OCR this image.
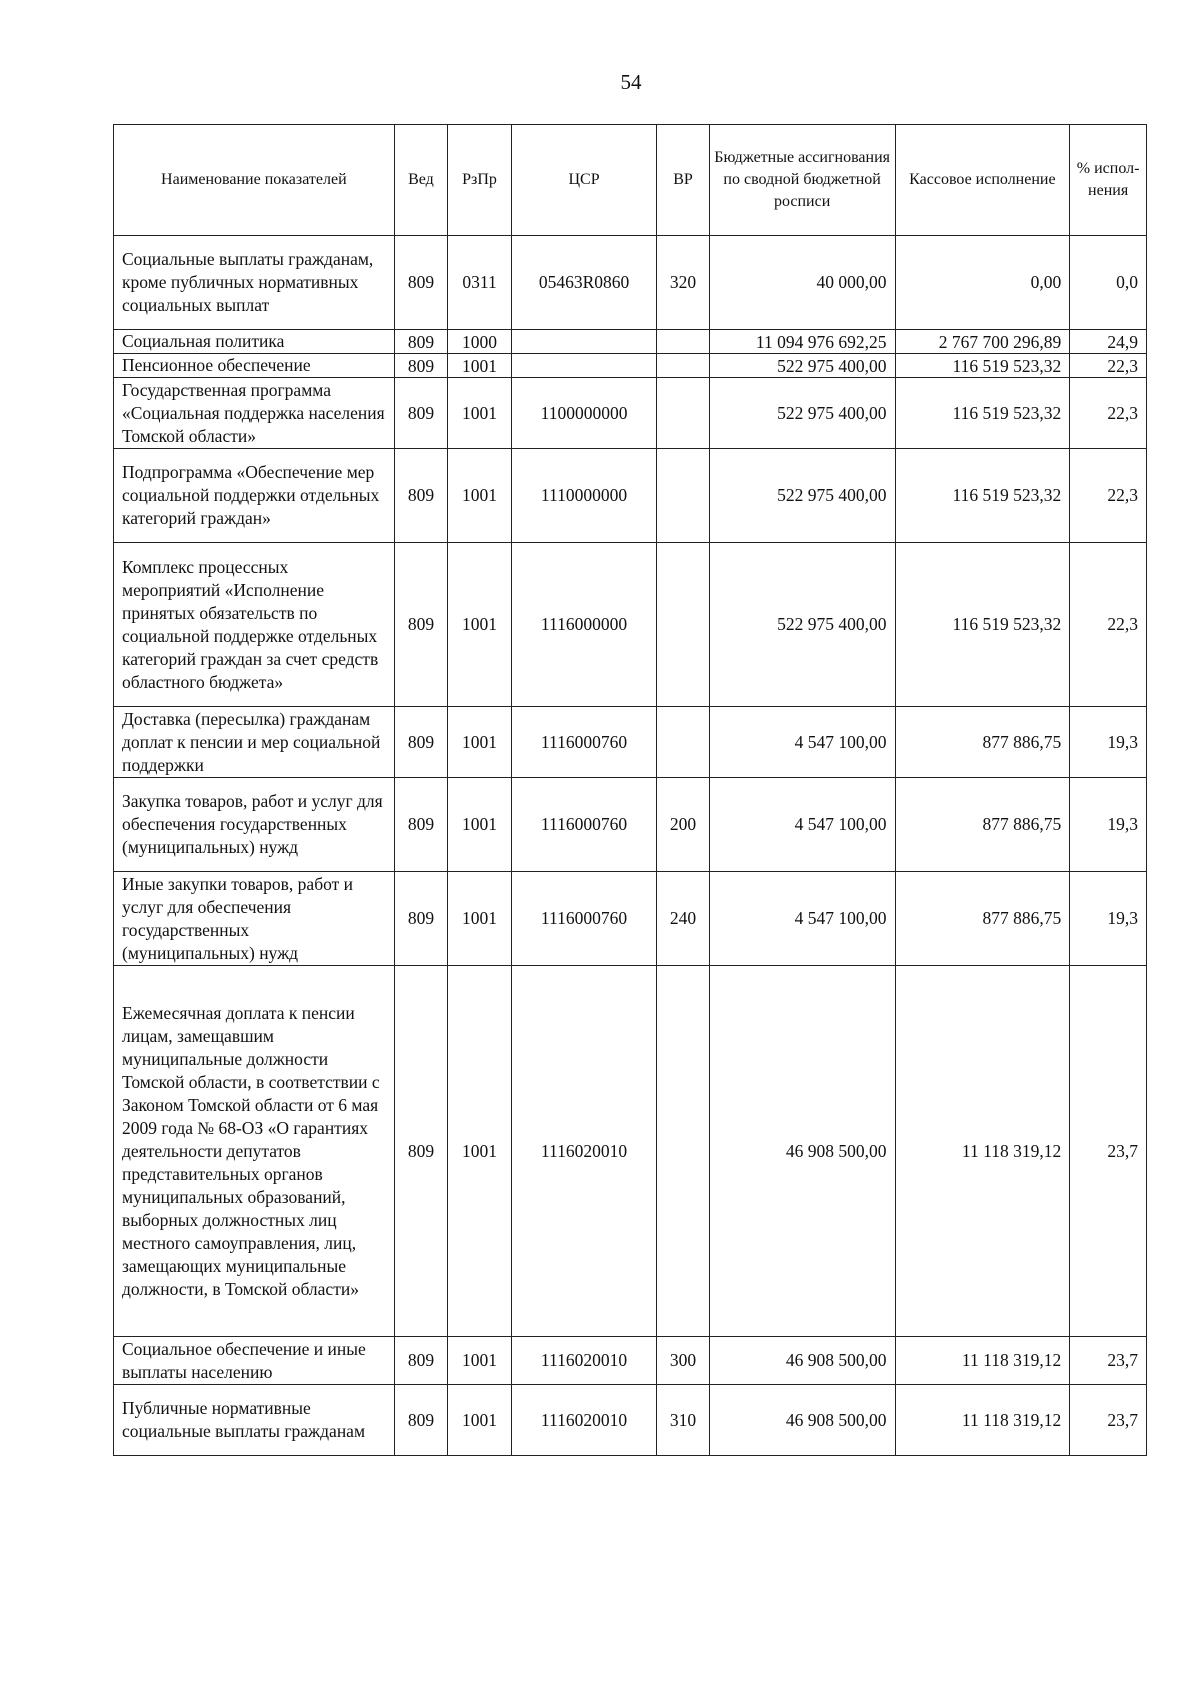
54
Наименование показателей	Вед	РзПр	ЦСР	ВР	Бюджетные ассигнования по сводной бюджетной росписи	Кассовое исполнение	% испол-нения
Социальные выплаты гражданам, кроме публичных нормативных социальных выплат	809	0311	05463R0860	320	40 000,00	0,00	0,0
Социальная политика	809	1000			11 094 976 692,25	2 767 700 296,89	24,9
Пенсионное обеспечение	809	1001			522 975 400,00	116 519 523,32	22,3
Государственная программа «Социальная поддержка населения Томской области»	809	1001	1100000000		522 975 400,00	116 519 523,32	22,3
Подпрограмма «Обеспечение мер социальной поддержки отдельных категорий граждан»	809	1001	1110000000		522 975 400,00	116 519 523,32	22,3
Комплекс процессных мероприятий «Исполнение принятых обязательств по социальной поддержке отдельных категорий граждан за счет средств областного бюджета»	809	1001	1116000000		522 975 400,00	116 519 523,32	22,3
Доставка (пересылка) гражданам доплат к пенсии и мер социальной поддержки	809	1001	1116000760		4 547 100,00	877 886,75	19,3
Закупка товаров, работ и услуг для обеспечения государственных (муниципальных) нужд	809	1001	1116000760	200	4 547 100,00	877 886,75	19,3
Иные закупки товаров, работ и услуг для обеспечения государственных (муниципальных) нужд	809	1001	1116000760	240	4 547 100,00	877 886,75	19,3
Ежемесячная доплата к пенсии лицам, замещавшим муниципальные должности Томской области, в соответствии с Законом Томской области от 6 мая 2009 года № 68-ОЗ «О гарантиях деятельности депутатов представительных органов муниципальных образований, выборных должностных лиц местного самоуправления, лиц, замещающих муниципальные должности, в Томской области»	809	1001	1116020010		46 908 500,00	11 118 319,12	23,7
Социальное обеспечение и иные выплаты населению	809	1001	1116020010	300	46 908 500,00	11 118 319,12	23,7
Публичные нормативные социальные выплаты гражданам	809	1001	1116020010	310	46 908 500,00	11 118 319,12	23,7
